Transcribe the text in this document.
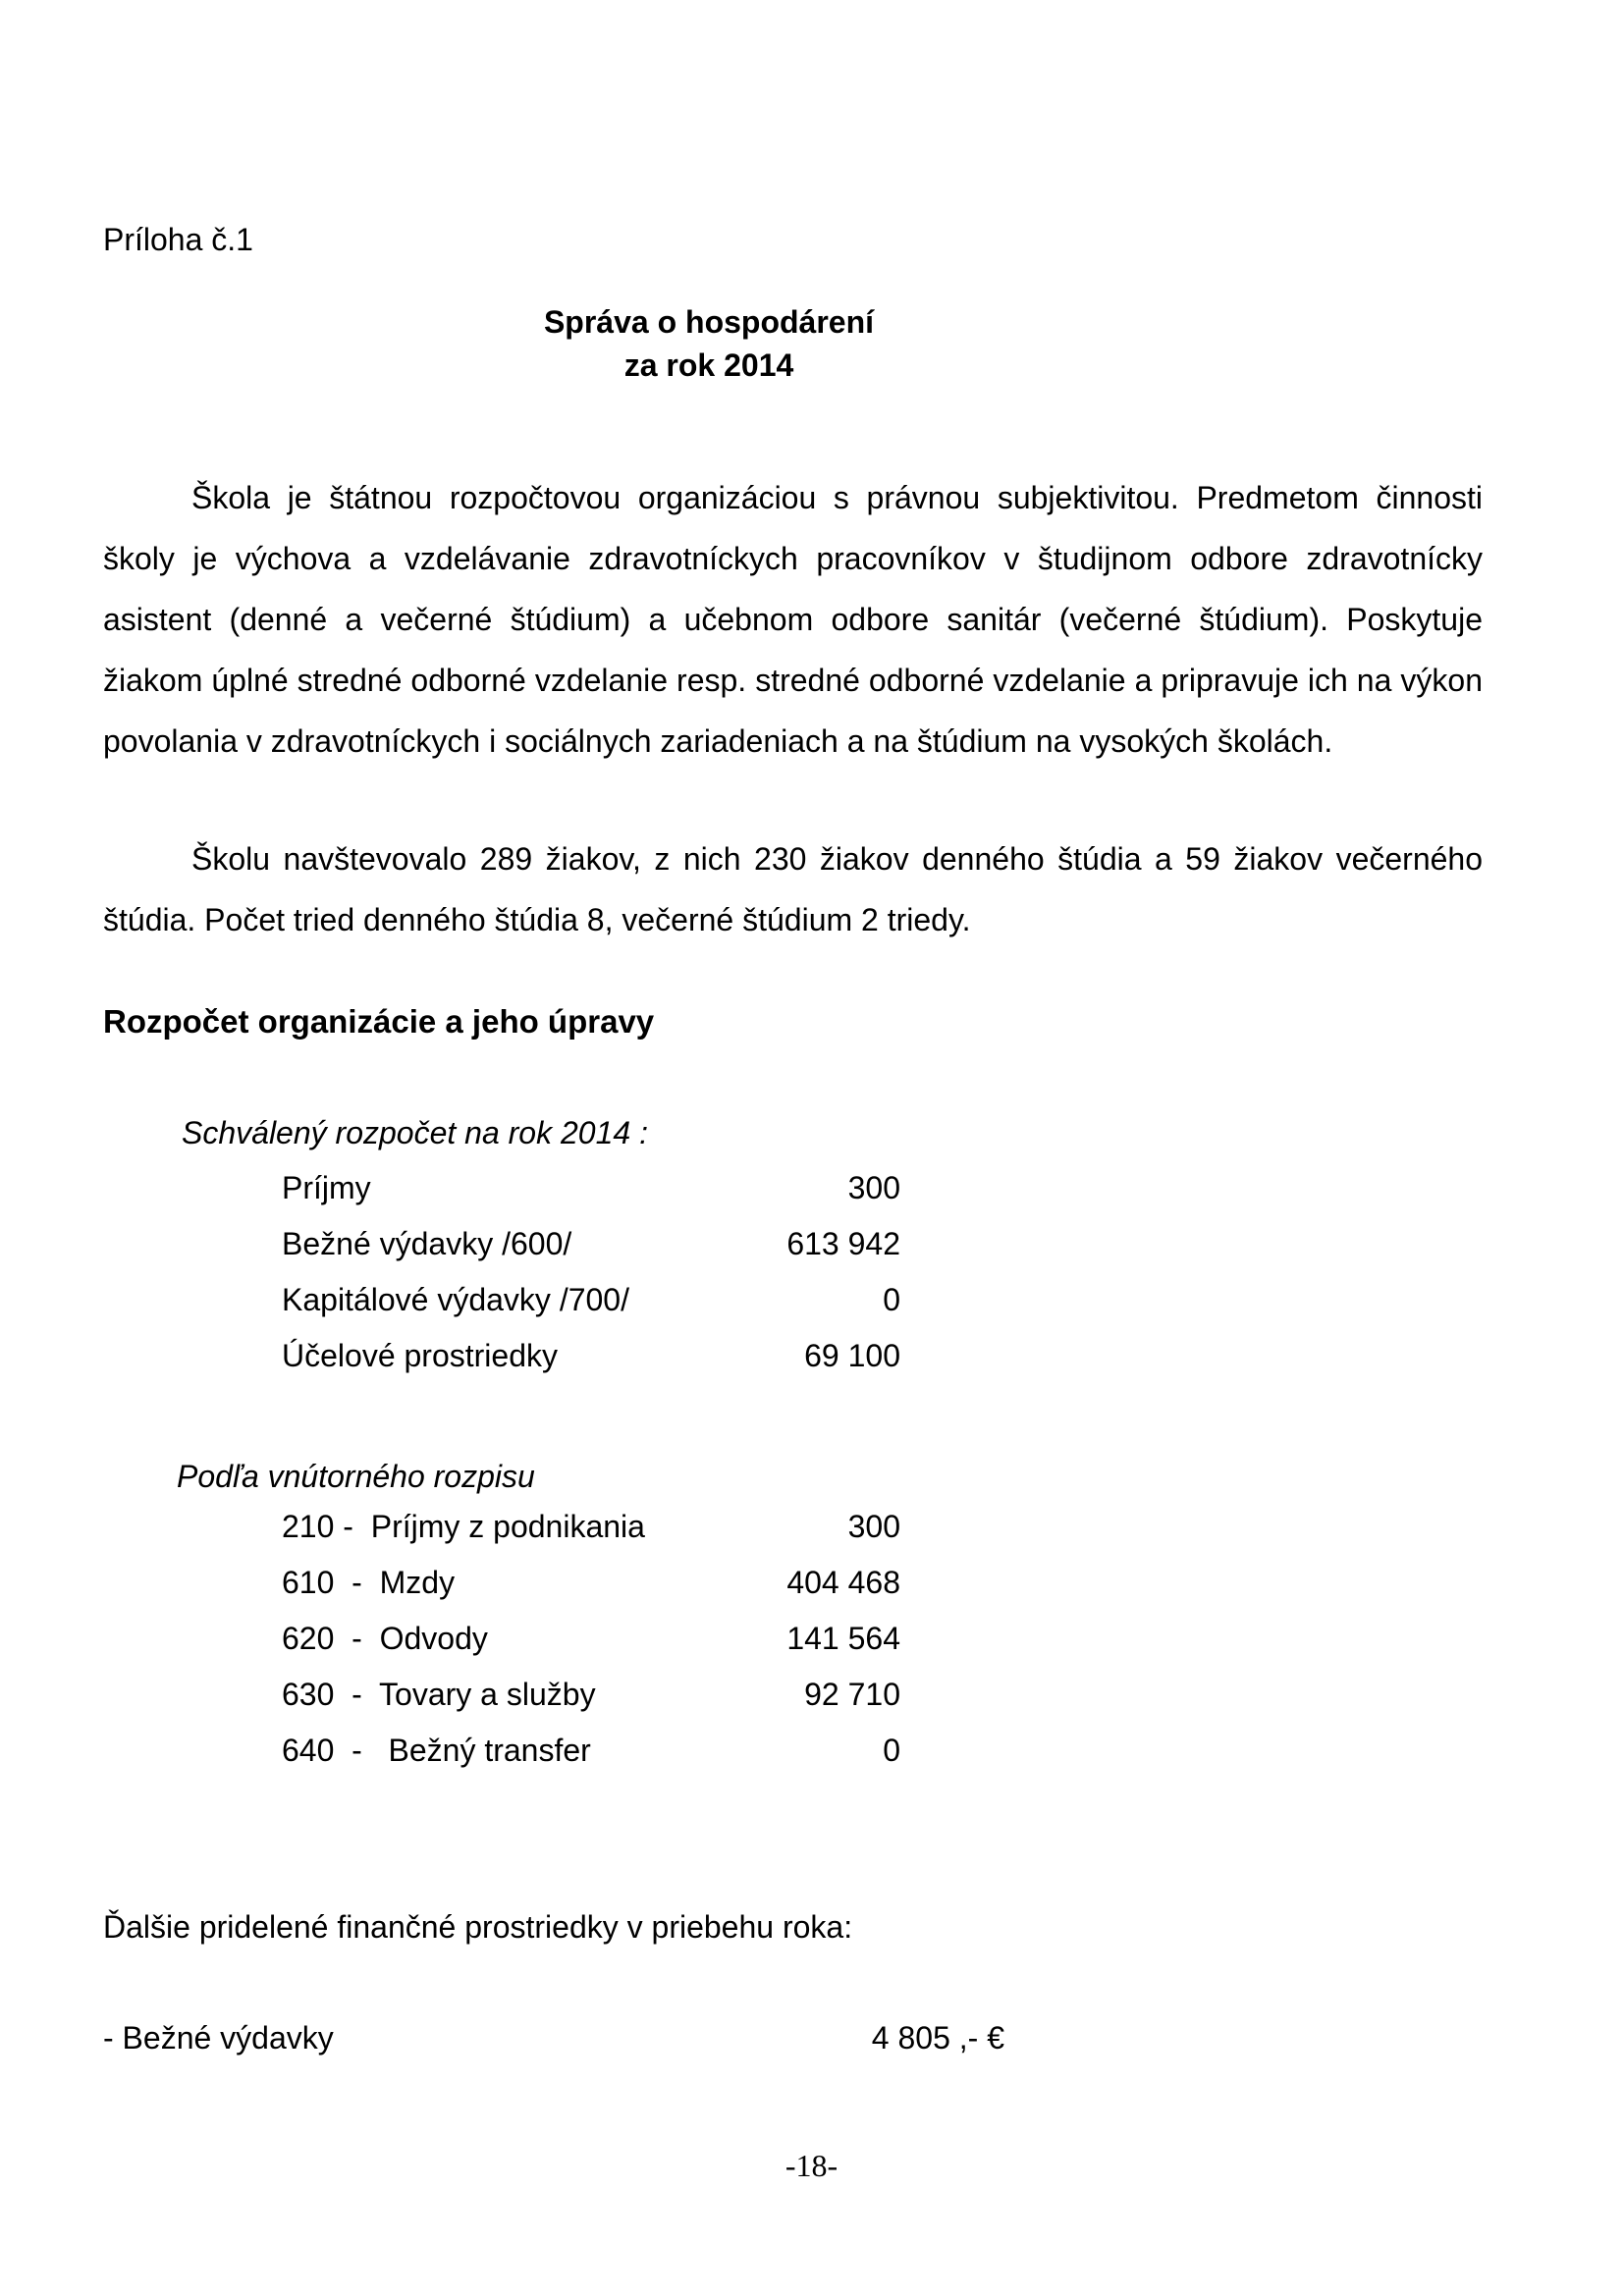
Príloha č.1
Správa o hospodárení
za rok 2014
Škola je štátnou rozpočtovou organizáciou s právnou subjektivitou. Predmetom činnosti školy je výchova a vzdelávanie zdravotníckych pracovníkov v študijnom odbore zdravotnícky asistent (denné a večerné štúdium) a učebnom odbore sanitár (večerné štúdium). Poskytuje žiakom úplné stredné odborné vzdelanie resp. stredné odborné vzdelanie a pripravuje ich na výkon povolania v zdravotníckych i sociálnych zariadeniach a na štúdium na vysokých školách.
Školu navštevovalo 289 žiakov, z nich 230 žiakov denného štúdia a 59 žiakov večerného štúdia. Počet tried denného štúdia 8, večerné štúdium 2 triedy.
Rozpočet organizácie a jeho úpravy
Schválený rozpočet na rok 2014 :
Príjmy	300
Bežné výdavky /600/	613 942
Kapitálové výdavky /700/	0
Účelové prostriedky	69 100
Podľa vnútorného rozpisu
210 -  Príjmy z podnikania	300
610  -  Mzdy	404 468
620  -  Odvody	141 564
630  -  Tovary a služby	92 710
640  -   Bežný transfer	0
Ďalšie pridelené finančné prostriedky v priebehu roka:
- Bežné výdavky	4 805 ,- €
-18-
